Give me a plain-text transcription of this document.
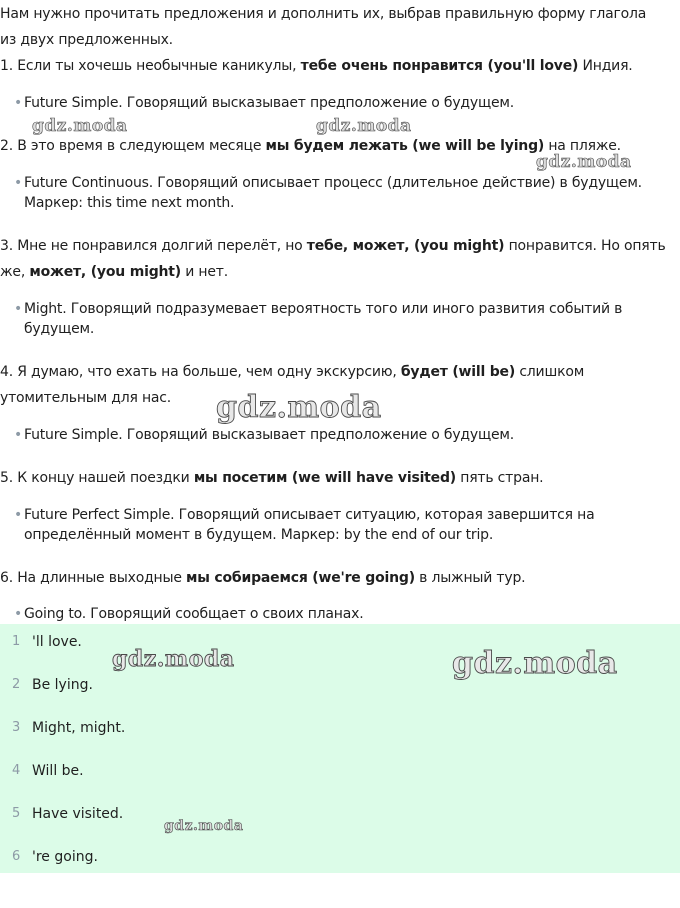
Нам нужно прочитать предложения и дополнить их, выбрав правильную форму глагола
из двух предложенных.
1. Если ты хочешь необычные каникулы, тебе очень понравится (you'll love) Индия.
• Future Simple. Говорящий высказывает предположение о будущем.
2. В это время в следующем месяце мы будем лежать (we will be lying) на пляже.
• Future Continuous. Говорящий описывает процесс (длительное действие) в будущем.
Маркер: this time next month.
3. Мне не понравился долгий перелёт, но тебе, может, (you might) понравится. Но опять
же, может, (you might) и нет.
• Might. Говорящий подразумевает вероятность того или иного развития событий в
будущем.
4. Я думаю, что ехать на больше, чем одну экскурсию, будет (will be) слишком
утомительным для нас.
• Future Simple. Говорящий высказывает предположение о будущем.
5. К концу нашей поездки мы посетим (we will have visited) пять стран.
• Future Perfect Simple. Говорящий описывает ситуацию, которая завершится на
определённый момент в будущем. Маркер: by the end of our trip.
6. На длинные выходные мы собираемся (we're going) в лыжный тур.
• Going to. Говорящий сообщает о своих планах.
1 'll love.
2 Be lying.
3 Might, might.
4 Will be.
5 Have visited.
6 're going.
gdz.moda	gdz.moda
gdz.moda
gdz.moda
gdz.moda	gdz.moda
gdz.moda
